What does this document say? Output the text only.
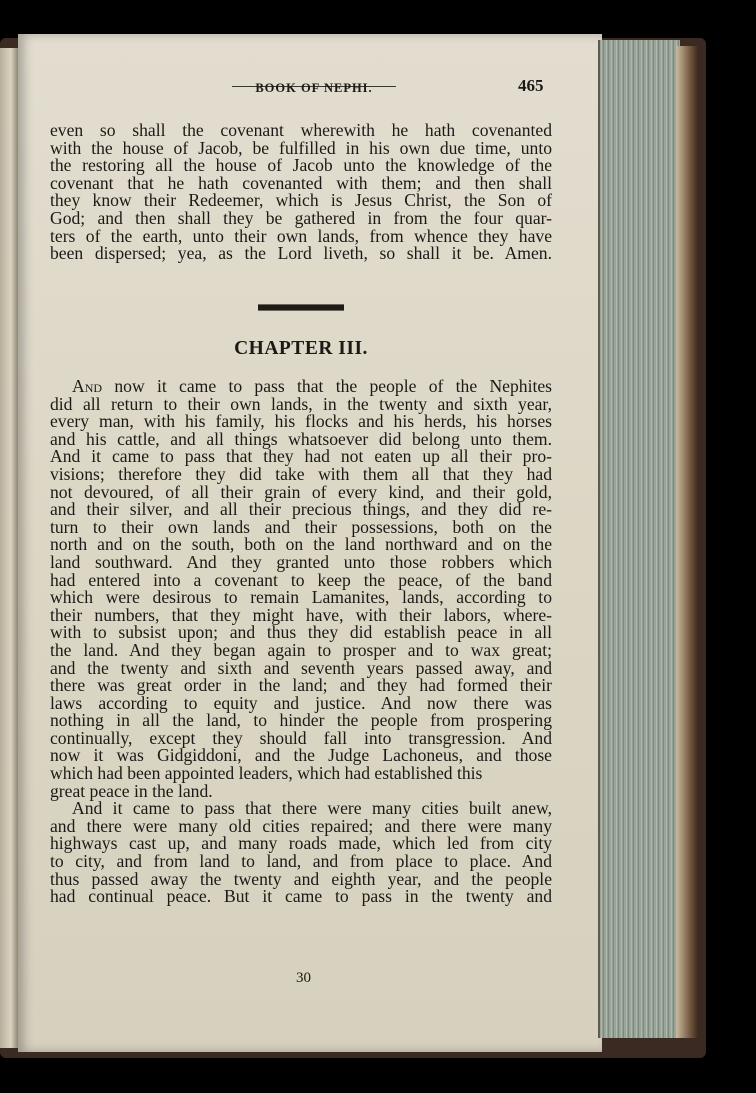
BOOK OF NEPHI.	465
even so shall the covenant wherewith he hath covenanted
with the house of Jacob, be fulfilled in his own due time, unto
the restoring all the house of Jacob unto the knowledge of the
covenant that he hath covenanted with them; and then shall
they know their Redeemer, which is Jesus Christ, the Son of
God; and then shall they be gathered in from the four quar-
ters of the earth, unto their own lands, from whence they have
been dispersed; yea, as the Lord liveth, so shall it be. Amen.
CHAPTER III.
And now it came to pass that the people of the Nephites
did all return to their own lands, in the twenty and sixth year,
every man, with his family, his flocks and his herds, his horses
and his cattle, and all things whatsoever did belong unto them.
And it came to pass that they had not eaten up all their pro-
visions; therefore they did take with them all that they had
not devoured, of all their grain of every kind, and their gold,
and their silver, and all their precious things, and they did re-
turn to their own lands and their possessions, both on the
north and on the south, both on the land northward and on the
land southward. And they granted unto those robbers which
had entered into a covenant to keep the peace, of the band
which were desirous to remain Lamanites, lands, according to
their numbers, that they might have, with their labors, where-
with to subsist upon; and thus they did establish peace in all
the land. And they began again to prosper and to wax great;
and the twenty and sixth and seventh years passed away, and
there was great order in the land; and they had formed their
laws according to equity and justice. And now there was
nothing in all the land, to hinder the people from prospering
continually, except they should fall into transgression. And
now it was Gidgiddoni, and the Judge Lachoneus, and those
which had been appointed leaders, which had established this
great peace in the land.
And it came to pass that there were many cities built anew,
and there were many old cities repaired; and there were many
highways cast up, and many roads made, which led from city
to city, and from land to land, and from place to place. And
thus passed away the twenty and eighth year, and the people
had continual peace. But it came to pass in the twenty and
30
